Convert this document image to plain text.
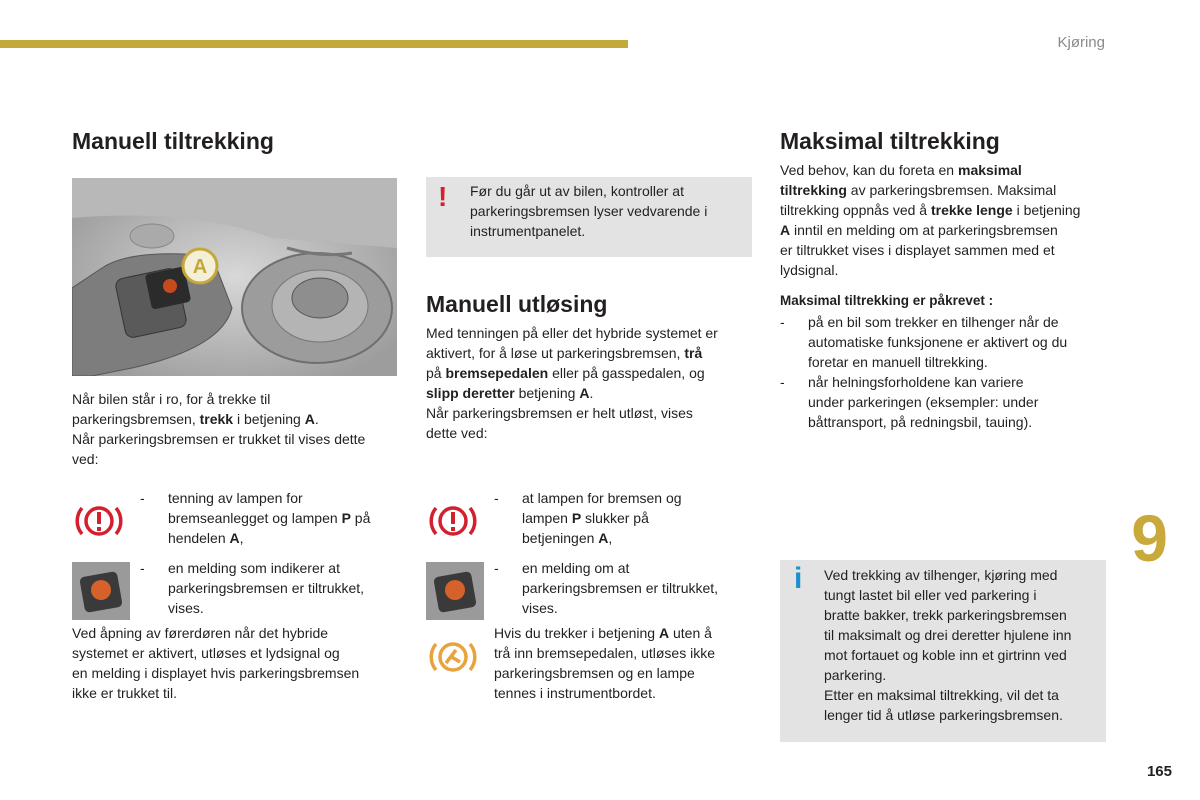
Kjøring
Manuell tiltrekking
A
Når bilen står i ro, for å trekke til
parkeringsbremsen, trekk i betjening A.
Når parkeringsbremsen er trukket til vises dette
ved:
-	tenning av lampen for
bremseanlegget og lampen P på
hendelen A,
-	en melding som indikerer at
parkeringsbremsen er tiltrukket,
vises.
Ved åpning av førerdøren når det hybride
systemet er aktivert, utløses et lydsignal og
en melding i displayet hvis parkeringsbremsen
ikke er trukket til.
! Før du går ut av bilen, kontroller at
parkeringsbremsen lyser vedvarende i
instrumentpanelet.
Manuell utløsing
Med tenningen på eller det hybride systemet er
aktivert, for å løse ut parkeringsbremsen, trå
på bremsepedalen eller på gasspedalen, og
slipp deretter betjening A.
Når parkeringsbremsen er helt utløst, vises
dette ved:
-	at lampen for bremsen og
lampen P slukker på
betjeningen A,
-	en melding om at
parkeringsbremsen er tiltrukket,
vises.
Hvis du trekker i betjening A uten å
trå inn bremsepedalen, utløses ikke
parkeringsbremsen og en lampe
tennes i instrumentbordet.
Maksimal tiltrekking
Ved behov, kan du foreta en maksimal
tiltrekking av parkeringsbremsen. Maksimal
tiltrekking oppnås ved å trekke lenge i betjening
A inntil en melding om at parkeringsbremsen
er tiltrukket vises i displayet sammen med et
lydsignal.
Maksimal tiltrekking er påkrevet :
-	på en bil som trekker en tilhenger når de
automatiske funksjonene er aktivert og du
foretar en manuell tiltrekking.
-	når helningsforholdene kan variere
under parkeringen (eksempler: under
båttransport, på redningsbil, tauing).
i Ved trekking av tilhenger, kjøring med
tungt lastet bil eller ved parkering i
bratte bakker, trekk parkeringsbremsen
til maksimalt og drei deretter hjulene inn
mot fortauet og koble inn et girtrinn ved
parkering.
Etter en maksimal tiltrekking, vil det ta
lenger tid å utløse parkeringsbremsen.
9
165
